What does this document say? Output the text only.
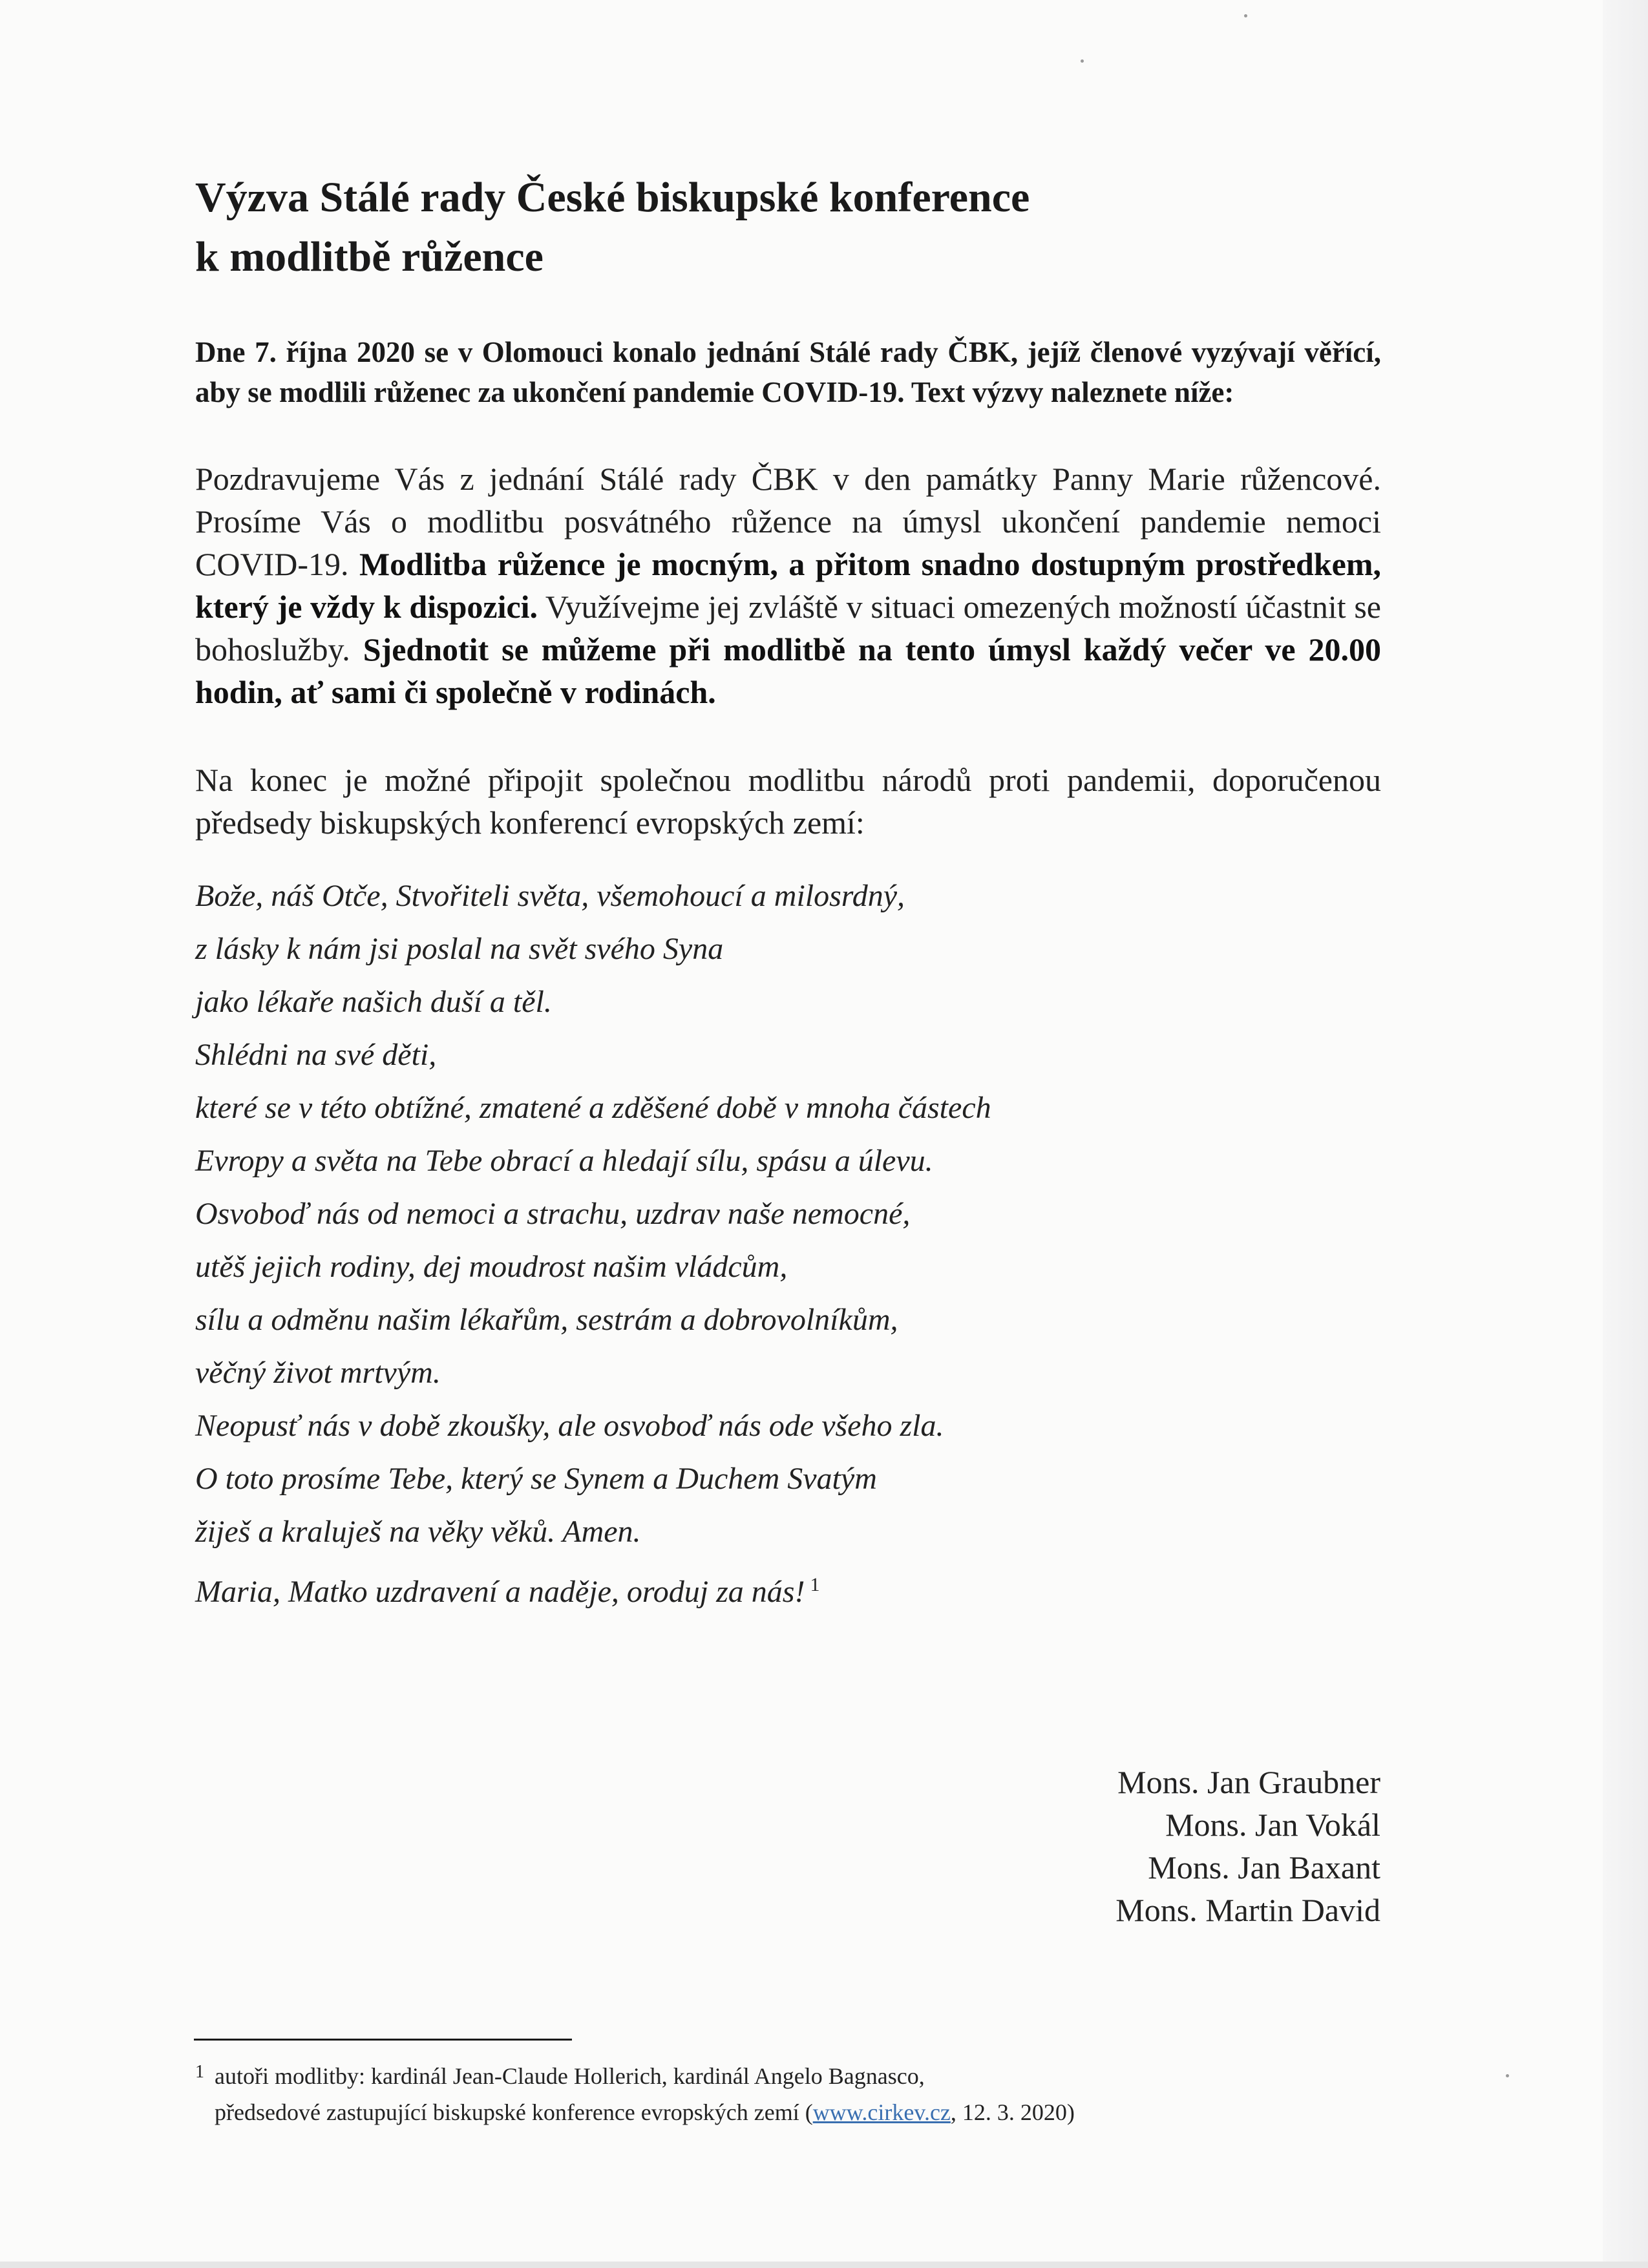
Výzva Stálé rady České biskupské konference
k modlitbě růžence

Dne 7. října 2020 se v Olomouci konalo jednání Stálé rady ČBK, jejíž členové vyzývají věřící, aby se modlili růženec za ukončení pandemie COVID-19. Text výzvy naleznete níže:

Pozdravujeme Vás z jednání Stálé rady ČBK v den památky Panny Marie růžencové. Prosíme Vás o modlitbu posvátného růžence na úmysl ukončení pandemie nemoci COVID-19. Modlitba růžence je mocným, a přitom snadno dostupným prostředkem, který je vždy k dispozici. Využívejme jej zvláště v situaci omezených možností účastnit se bohoslužby. Sjednotit se můžeme při modlitbě na tento úmysl každý večer ve 20.00 hodin, ať sami či společně v rodinách.

Na konec je možné připojit společnou modlitbu národů proti pandemii, doporučenou předsedy biskupských konferencí evropských zemí:

Bože, náš Otče, Stvořiteli světa, všemohoucí a milosrdný,
z lásky k nám jsi poslal na svět svého Syna
jako lékaře našich duší a těl.
Shlédni na své děti,
které se v této obtížné, zmatené a zděšené době v mnoha částech
Evropy a světa na Tebe obrací a hledají sílu, spásu a úlevu.
Osvoboď nás od nemoci a strachu, uzdrav naše nemocné,
utěš jejich rodiny, dej moudrost našim vládcům,
sílu a odměnu našim lékařům, sestrám a dobrovolníkům,
věčný život mrtvým.
Neopusť nás v době zkoušky, ale osvoboď nás ode všeho zla.
O toto prosíme Tebe, který se Synem a Duchem Svatým
žiješ a kraluješ na věky věků. Amen.
Maria, Matko uzdravení a naděje, oroduj za nás! $^1$
Mons. Jan Graubner
Mons. Jan Vokál
Mons. Jan Baxant
Mons. Martin David
1 autoři modlitby: kardinál Jean-Claude Hollerich, kardinál Angelo Bagnasco,
předsedové zastupující biskupské konference evropských zemí (www.cirkev.cz, 12. 3. 2020)
